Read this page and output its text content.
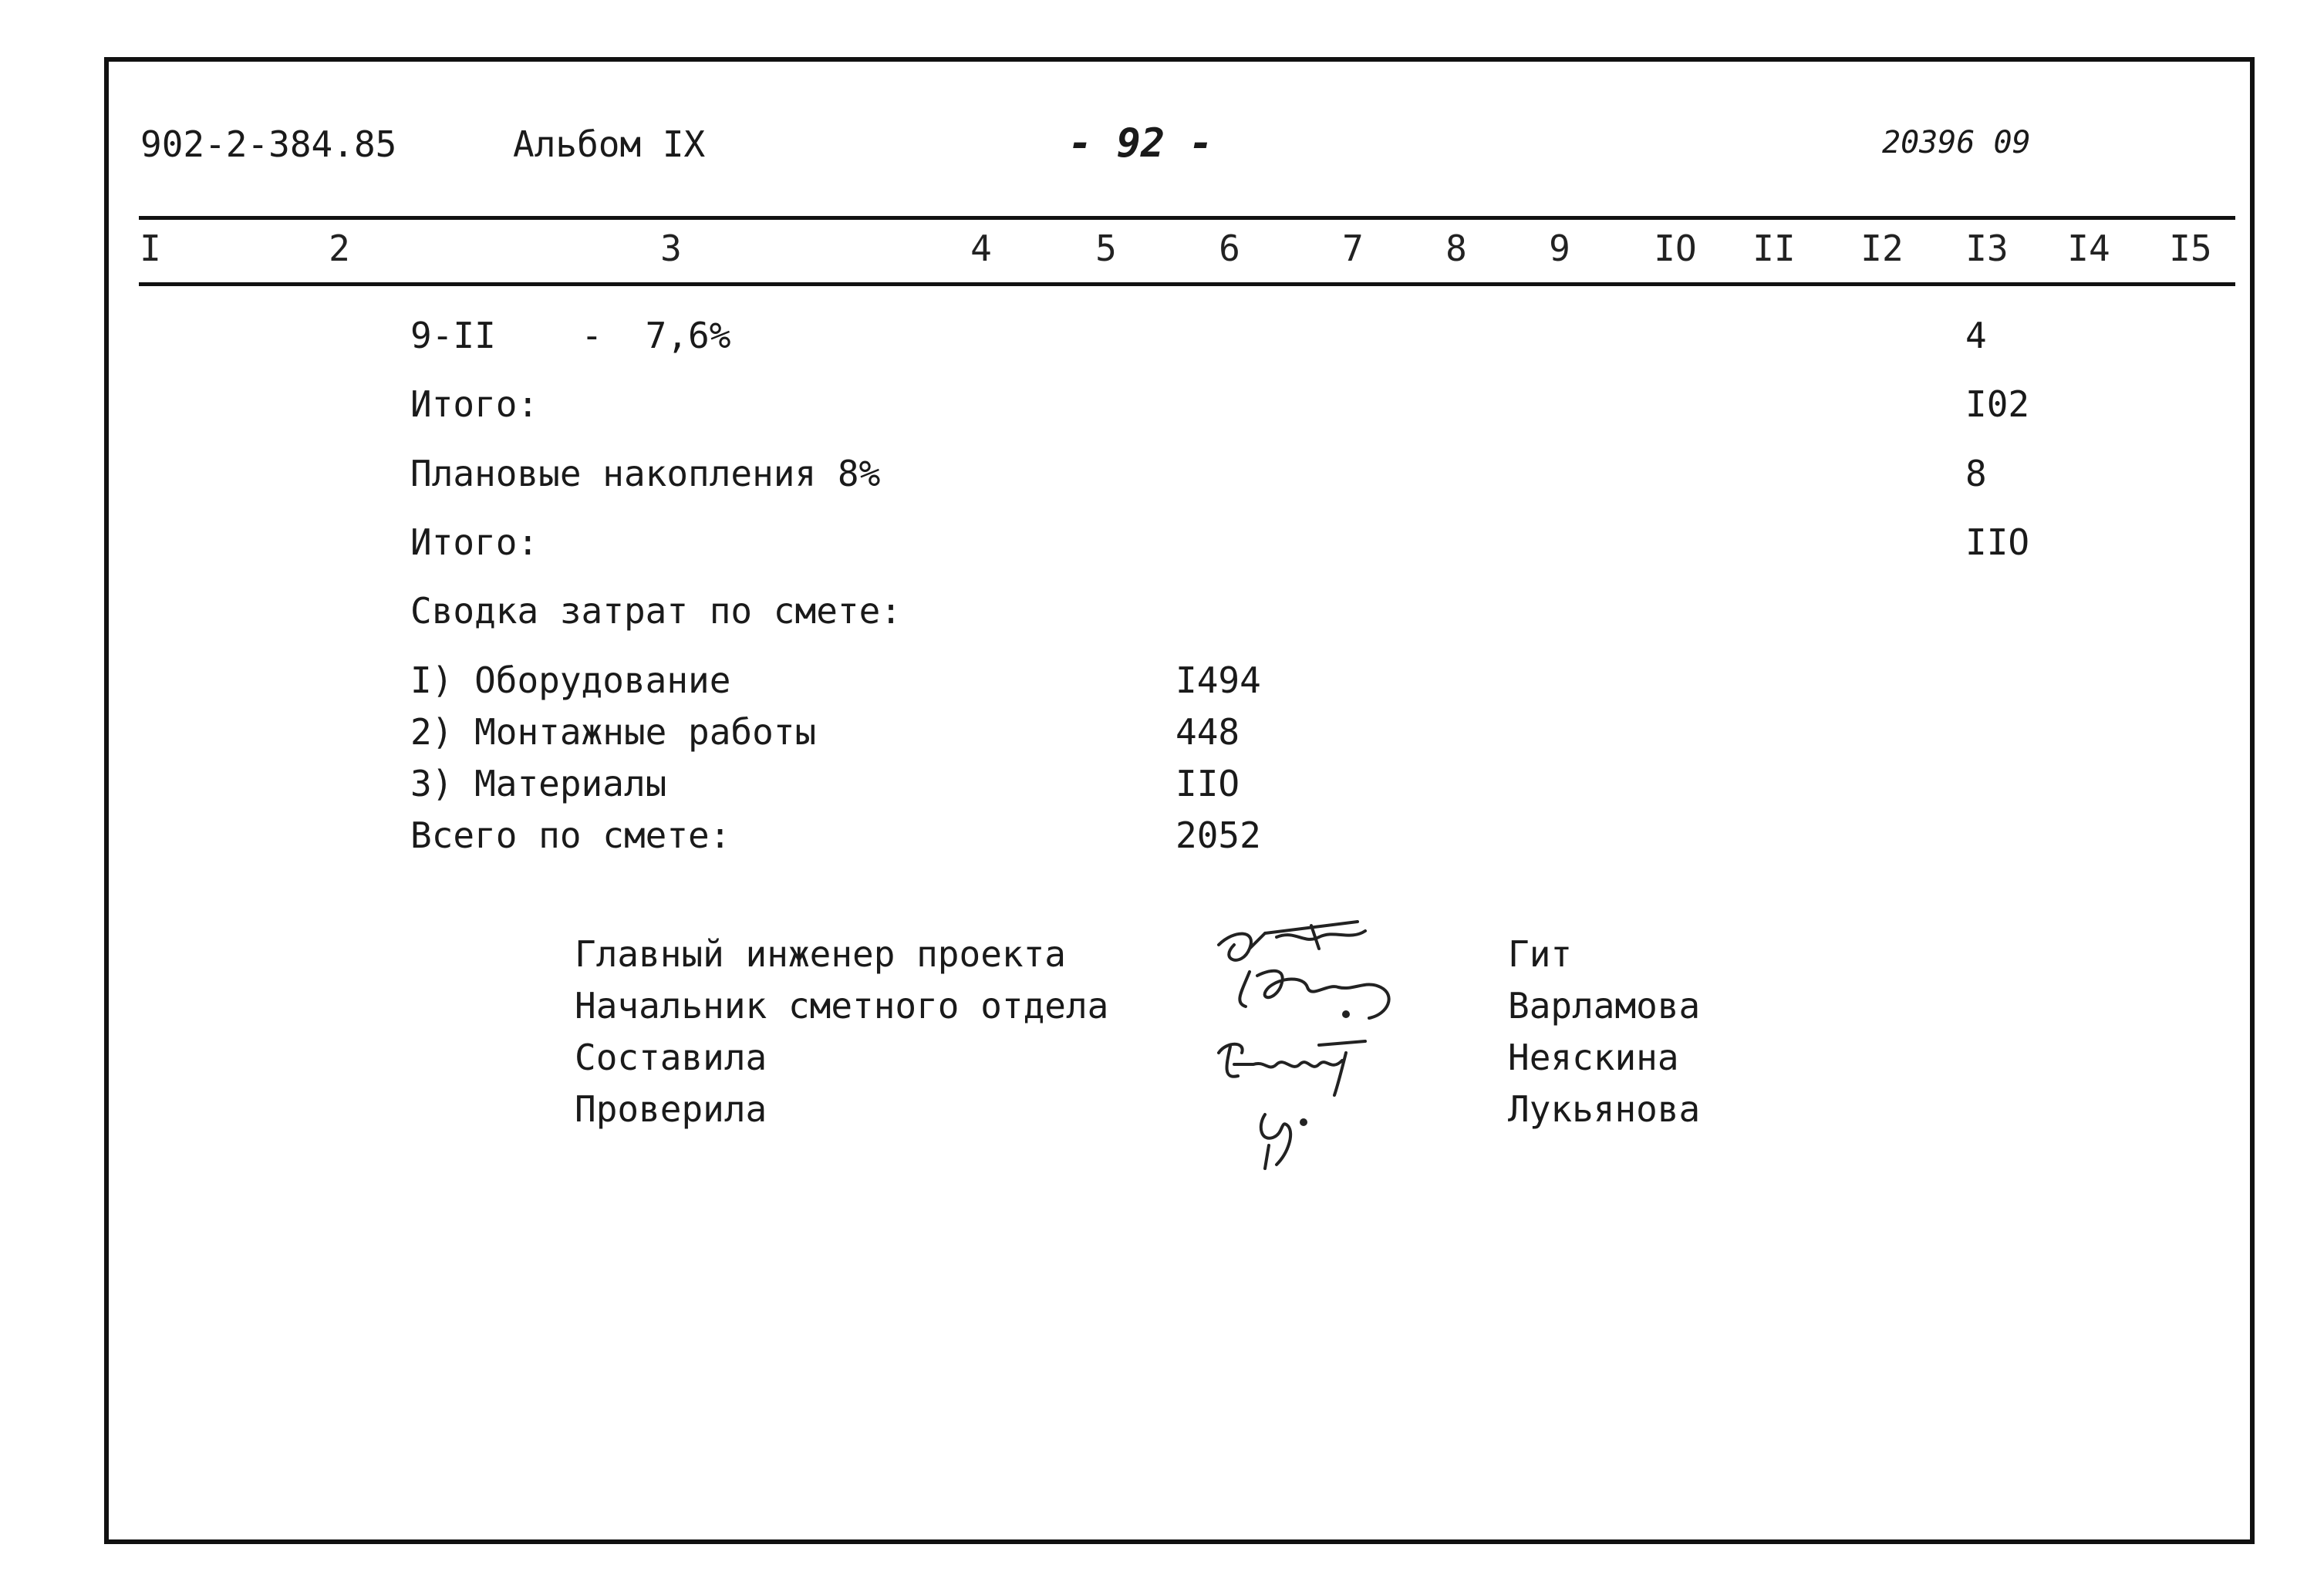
902-2-384.85	Альбом IX	- 92 -	20396 09
I	2	3	4	5	6	7 8 9 IO II I2 I3 I4 I5
9-II    -  7,6%	4
Итого:	I02
Плановые накопления 8%	8
Итого:	IIO
Сводка затрат по смете:
I) Оборудование	I494
2) Монтажные работы	448
3) Материалы	IIO
Всего по смете:	2052
Главный инженер проекта	Гит
Начальник сметного отдела	Варламова
Составила	Неяскина
Проверила	Лукьянова
